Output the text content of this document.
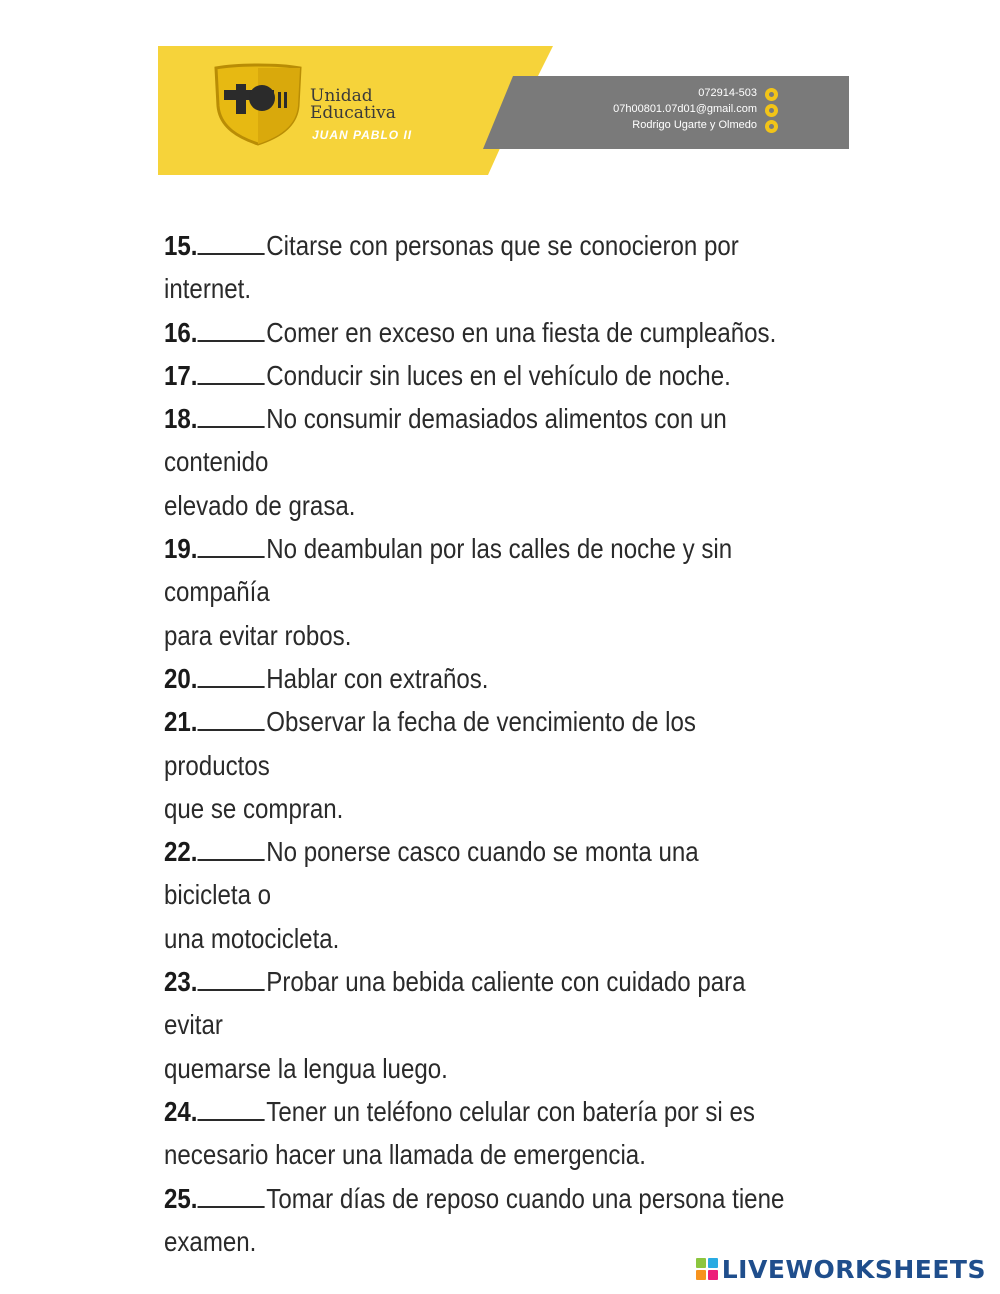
Unidad
Educativa
JUAN PABLO II
072914-503
07h00801.07d01@gmail.com
Rodrigo Ugarte y Olmedo
15. Citarse con personas que se conocieron por internet.
16. Comer en exceso en una fiesta de cumpleaños.
17. Conducir sin luces en el vehículo de noche.
18. No consumir demasiados alimentos con un contenido
elevado de grasa.
19. No deambulan por las calles de noche y sin compañía
para evitar robos.
20. Hablar con extraños.
21. Observar la fecha de vencimiento de los productos
que se compran.
22. No ponerse casco cuando se monta una bicicleta o
una motocicleta.
23. Probar una bebida caliente con cuidado para evitar
quemarse la lengua luego.
24. Tener un teléfono celular con batería por si es
necesario hacer una llamada de emergencia.
25. Tomar días de reposo cuando una persona tiene
examen.
LIVEWORKSHEETS
